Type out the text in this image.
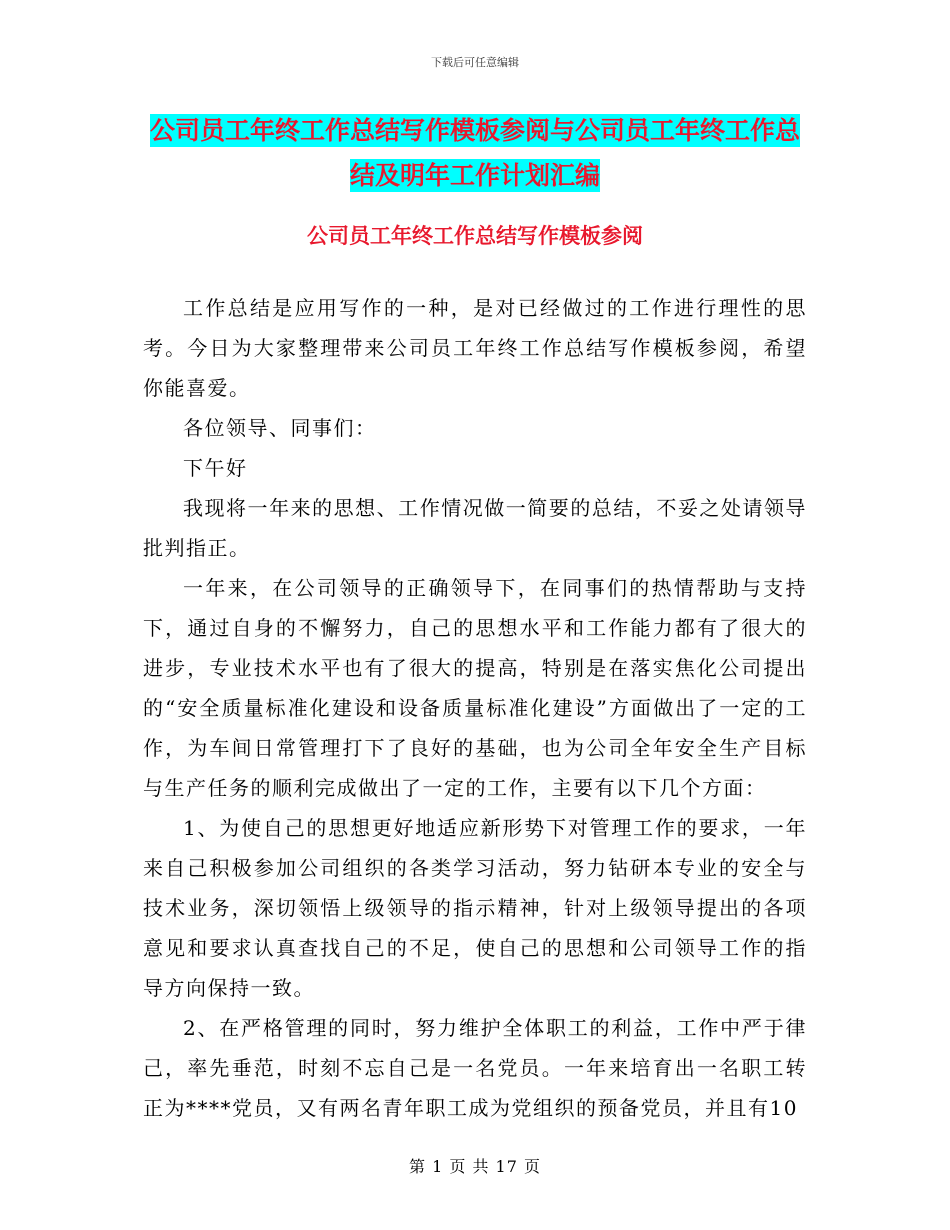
下载后可任意编辑
公司员工年终工作总结写作模板参阅与公司员工年终工作总结及明年工作计划汇编
公司员工年终工作总结写作模板参阅

工作总结是应用写作的一种，是对已经做过的工作进行理性的思考。今日为大家整理带来公司员工年终工作总结写作模板参阅，希望你能喜爱。

各位领导、同事们：

下午好

我现将一年来的思想、工作情况做一简要的总结，不妥之处请领导批判指正。

一年来，在公司领导的正确领导下，在同事们的热情帮助与支持下，通过自身的不懈努力，自己的思想水平和工作能力都有了很大的进步，专业技术水平也有了很大的提高，特别是在落实焦化公司提出的“安全质量标准化建设和设备质量标准化建设”方面做出了一定的工作，为车间日常管理打下了良好的基础，也为公司全年安全生产目标与生产任务的顺利完成做出了一定的工作，主要有以下几个方面：

1、为使自己的思想更好地适应新形势下对管理工作的要求，一年来自己积极参加公司组织的各类学习活动，努力钻研本专业的安全与技术业务，深切领悟上级领导的指示精神，针对上级领导提出的各项意见和要求认真查找自己的不足，使自己的思想和公司领导工作的指导方向保持一致。

2、在严格管理的同时，努力维护全体职工的利益，工作中严于律己，率先垂范，时刻不忘自己是一名党员。一年来培育出一名职工转正为****党员，又有两名青年职工成为党组织的预备党员，并且有10

第 1 页 共 17 页
